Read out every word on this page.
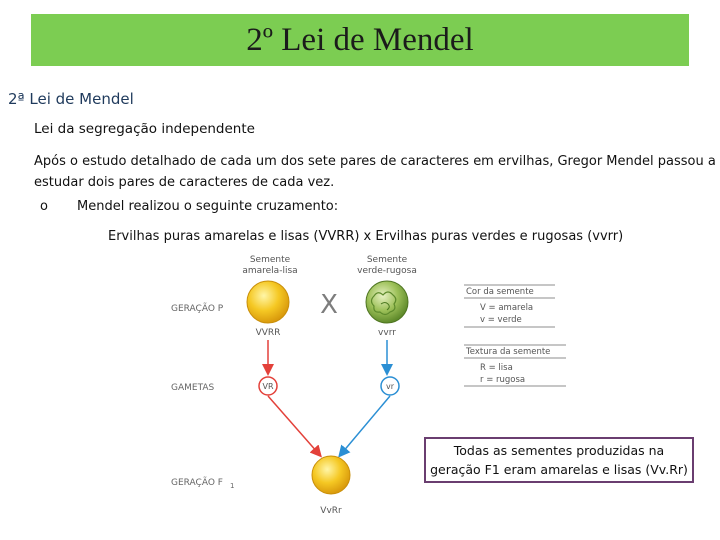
2º Lei de Mendel
2ª Lei de Mendel
Lei da segregação independente
Após o estudo detalhado de cada um dos sete pares de caracteres em ervilhas, Gregor Mendel passou a estudar dois pares de caracteres de cada vez.
o Mendel realizou o seguinte cruzamento:
Ervilhas puras amarelas e lisas (VVRR) x Ervilhas puras verdes e rugosas (vvrr)
Semente
amarela-lisa
Semente
verde-rugosa
GERAÇÃO P
GAMETAS
GERAÇÃO F 1
X
VVRR	vvrr
VR	vr
VvRr
Cor da semente
V = amarela
v = verde
Textura da semente
R = lisa
r = rugosa
Todas as sementes produzidas na
geração F1 eram amarelas e lisas (Vv.Rr)
